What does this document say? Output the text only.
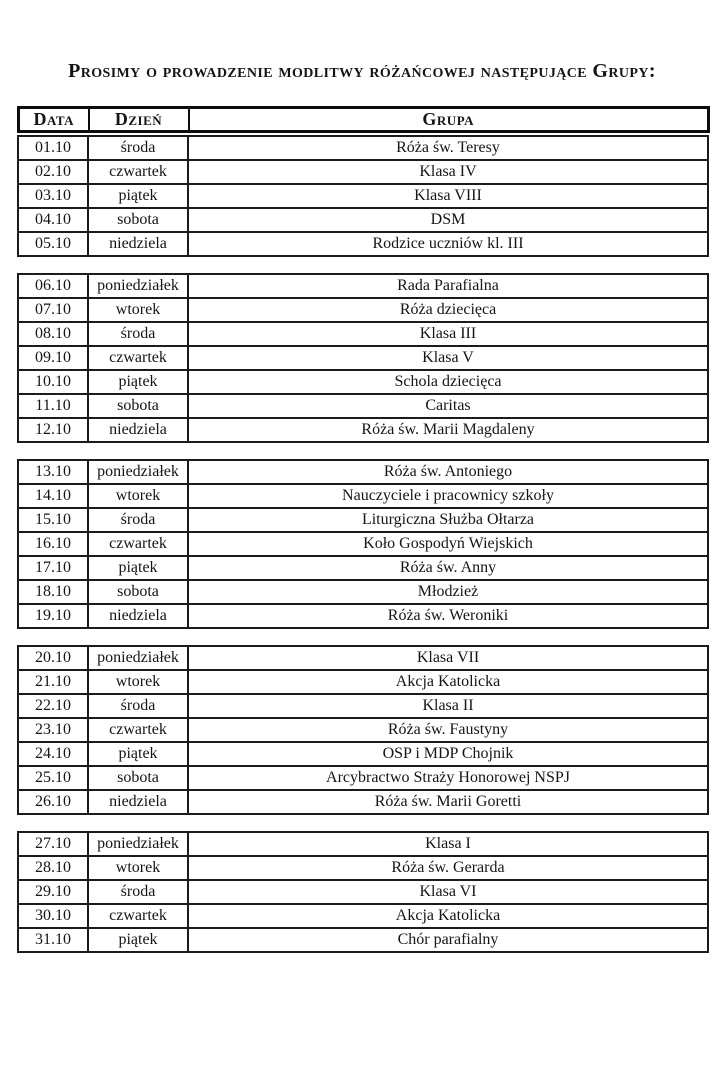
Prosimy o prowadzenie modlitwy różańcowej następujące Grupy:
Data	Dzień	Grupa
01.10	środa	Róża św. Teresy
02.10	czwartek	Klasa IV
03.10	piątek	Klasa VIII
04.10	sobota	DSM
05.10	niedziela	Rodzice uczniów kl. III
06.10	poniedziałek	Rada Parafialna
07.10	wtorek	Róża dziecięca
08.10	środa	Klasa III
09.10	czwartek	Klasa V
10.10	piątek	Schola dziecięca
11.10	sobota	Caritas
12.10	niedziela	Róża św. Marii Magdaleny
13.10	poniedziałek	Róża św. Antoniego
14.10	wtorek	Nauczyciele i pracownicy szkoły
15.10	środa	Liturgiczna Służba Ołtarza
16.10	czwartek	Koło Gospodyń Wiejskich
17.10	piątek	Róża św. Anny
18.10	sobota	Młodzież
19.10	niedziela	Róża św. Weroniki
20.10	poniedziałek	Klasa VII
21.10	wtorek	Akcja Katolicka
22.10	środa	Klasa II
23.10	czwartek	Róża św. Faustyny
24.10	piątek	OSP i MDP Chojnik
25.10	sobota	Arcybractwo Straży Honorowej NSPJ
26.10	niedziela	Róża św. Marii Goretti
27.10	poniedziałek	Klasa I
28.10	wtorek	Róża św. Gerarda
29.10	środa	Klasa VI
30.10	czwartek	Akcja Katolicka
31.10	piątek	Chór parafialny
